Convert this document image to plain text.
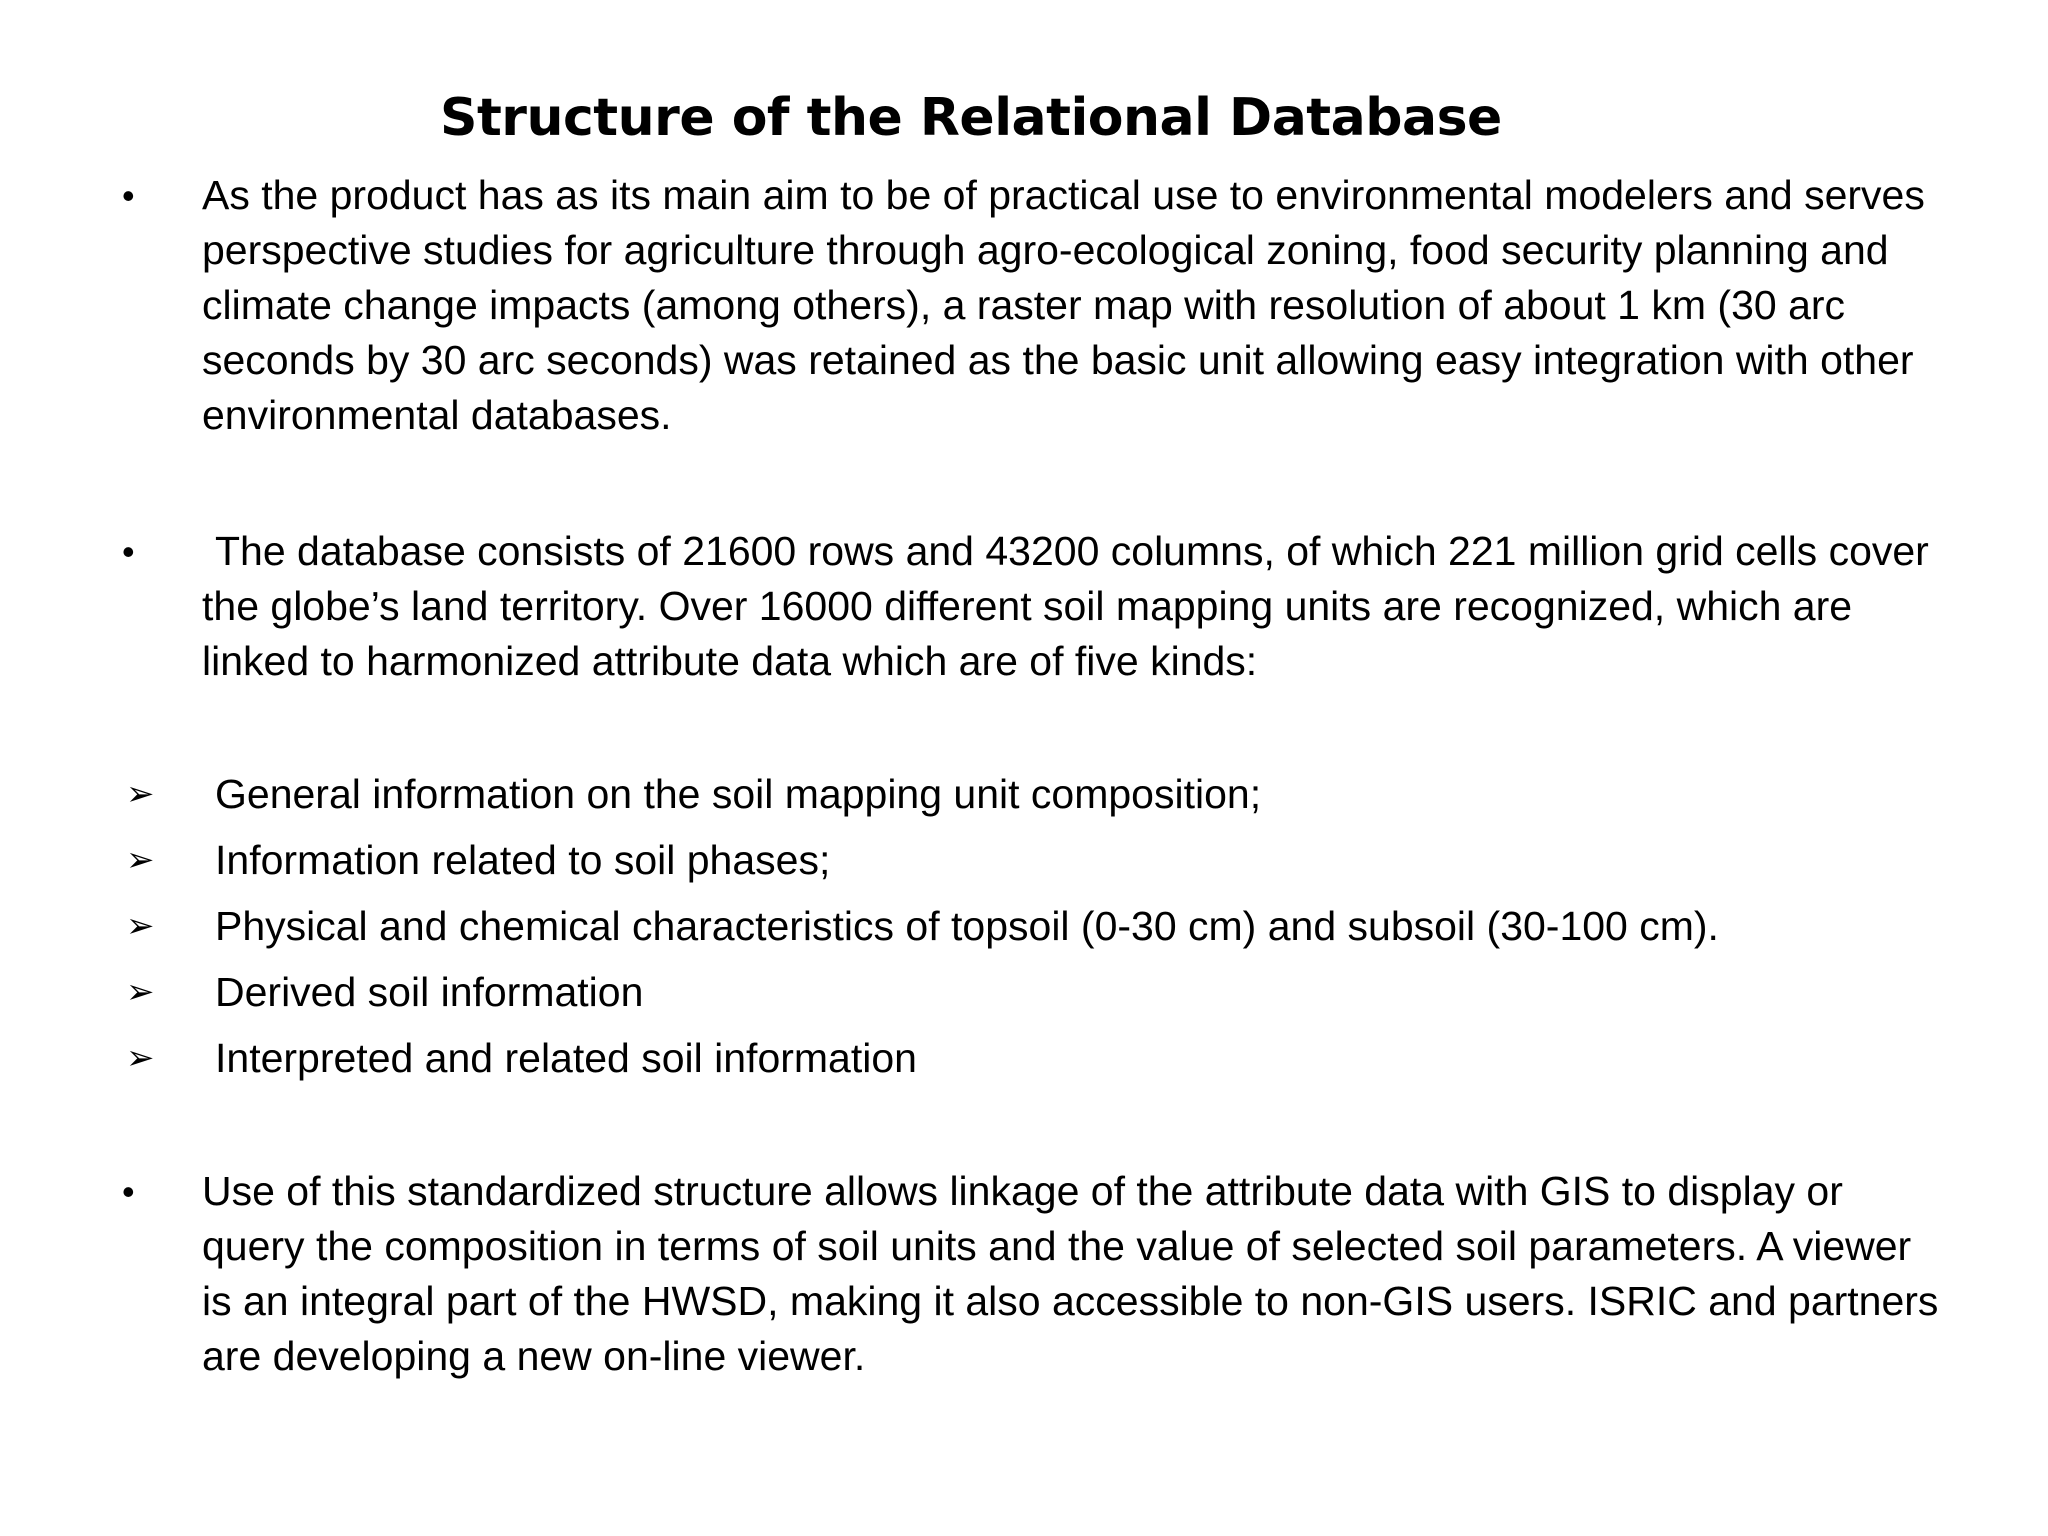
Structure of the Relational Database
•	As the product has as its main aim to be of practical use to environmental modelers and serves perspective studies for agriculture through agro-ecological zoning, food security planning and climate change impacts (among others), a raster map with resolution of about 1 km (30 arc seconds by 30 arc seconds) was retained as the basic unit allowing easy integration with other environmental databases.
•	The database consists of 21600 rows and 43200 columns, of which 221 million grid cells cover the globe’s land territory. Over 16000 different soil mapping units are recognized, which are linked to harmonized attribute data which are of five kinds:
➢ General information on the soil mapping unit composition;
➢ Information related to soil phases;
➢ Physical and chemical characteristics of topsoil (0-30 cm) and subsoil (30-100 cm).
➢ Derived soil information
➢ Interpreted and related soil information
•	Use of this standardized structure allows linkage of the attribute data with GIS to display or query the composition in terms of soil units and the value of selected soil parameters. A viewer is an integral part of the HWSD, making it also accessible to non-GIS users. ISRIC and partners are developing a new on-line viewer.
